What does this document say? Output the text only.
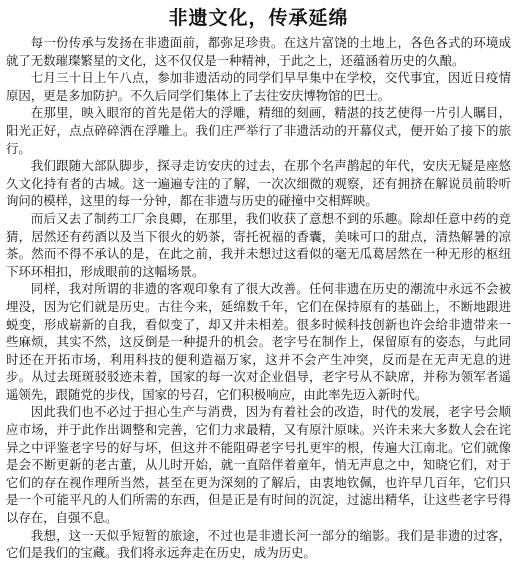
非遗文化，传承延绵

每一份传承与发扬在非遗面前，都弥足珍贵。在这片富饶的土地上，各色各式的环境成就了无数璀璨繁星的文化，这不仅仅是一种精神，于此之上，还蕴涵着历史的久酿。

七月三十日上午八点，参加非遗活动的同学们早早集中在学校，交代事宜，因近日疫情原因，更是多加防护。不久后同学们集体上了去往安庆博物馆的巴士。

在那里，映入眼帘的首先是偌大的浮雕，精细的刻画，精湛的技艺使得一片引人瞩目，阳光正好，点点碎碎洒在浮雕上。我们庄严举行了非遗活动的开幕仪式，便开始了接下的旅行。

我们跟随大部队脚步，探寻走访安庆的过去，在那个名声鹊起的年代，安庆无疑是座悠久文化持有者的古城。这一遍遍专注的了解，一次次细微的观察，还有拥挤在解说员前聆听询问的模样，这里的每一分钟，都在非遗与历史的碰撞中交相辉映。

而后又去了制药工厂余良卿，在那里，我们收获了意想不到的乐趣。除却任意中药的竞猜，居然还有药酒以及当下很火的奶茶，寄托祝福的香囊，美味可口的甜点，清热解暑的凉茶。然而不得不承认的是，在此之前，我并未想过这看似的毫无瓜葛居然在一种无形的枢纽下环环相扣，形成眼前的这幅场景。

同样，我对所谓的非遗的客观印象有了很大改善。任何非遗在历史的潮流中永远不会被埋没，因为它们就是历史。古往今来，延绵数千年，它们在保持原有的基础上，不断地跟进蜕变，形成崭新的自我，看似变了，却又并未相差。很多时候科技创新也许会给非遗带来一些麻烦，其实不然，这反倒是一种提升的机会。老字号在制作上，保留原有的姿态，与此同时还在开拓市场，利用科技的便利造福万家，这并不会产生冲突，反而是在无声无息的进步。从过去斑斑驳驳迹未着，国家的每一次对企业倡导，老字号从不缺席，并称为领军者遥遥领先，跟随党的步伐，国家的号召，它们积极响应，由此率先迈入新时代。

因此我们也不必过于担心生产与消费，因为有着社会的改造，时代的发展，老字号会顺应市场，并于此作出调整和完善，它们力求最精，又有原汁原味。兴许未来大多数人会在诧异之中评鉴老字号的好与坏，但这并不能阻碍老字号扎更牢的根，传遍大江南北。它们就像是会不断更新的老古董，从儿时开始，就一直陪伴着童年，悄无声息之中，知晓它们，对于它们的存在视作理所当然，甚至在更为深刻的了解后，由衷地钦佩，也许早几百年，它们只是一个可能平凡的人们所需的东西，但是正是有时间的沉淀，过滤出精华，让这些老字号得以存在，自强不息。

我想，这一天似乎短暂的旅途，不过也是非遗长河一部分的缩影。我们是非遗的过客，它们是我们的宝藏。我们将永远奔走在历史，成为历史。
